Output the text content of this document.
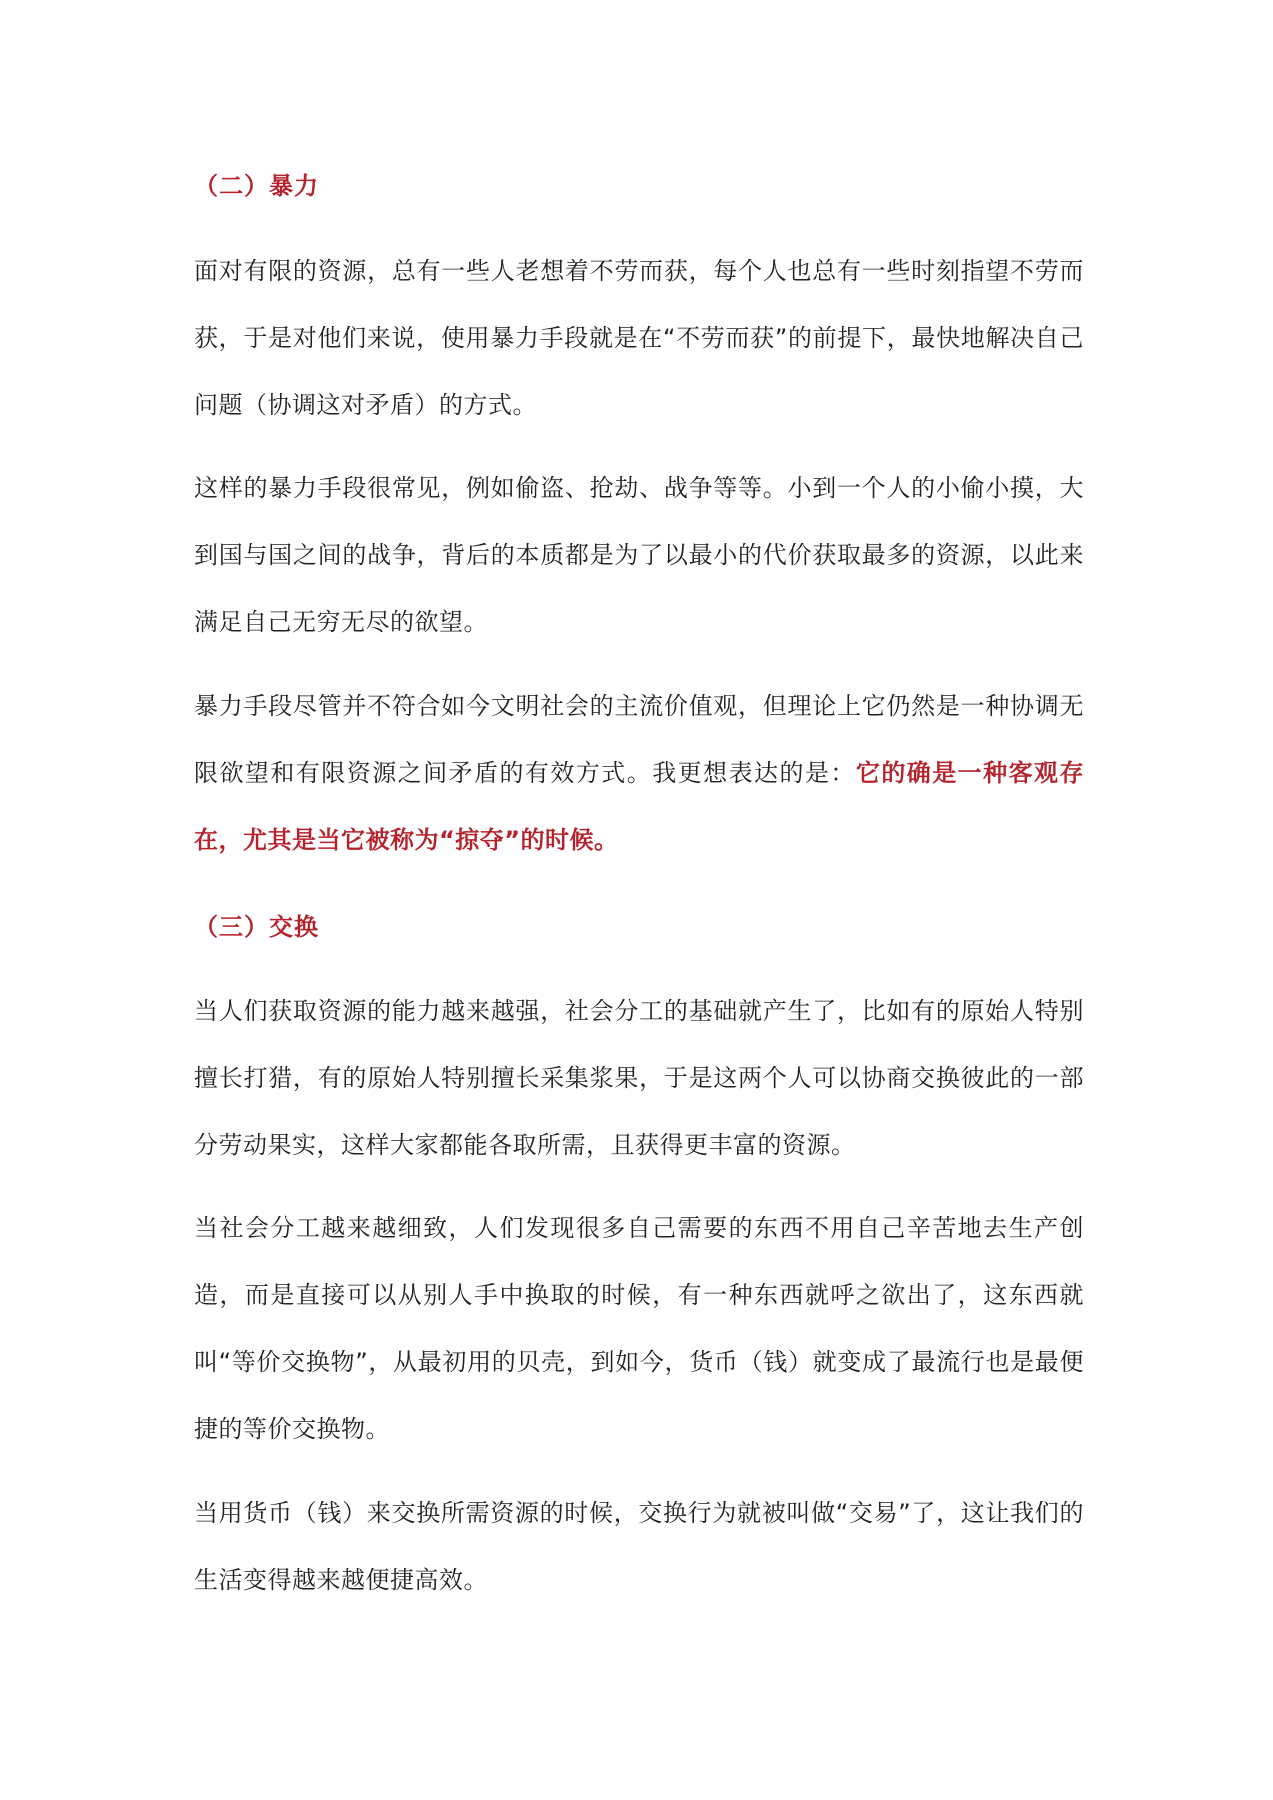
（二）暴力

面对有限的资源，总有一些人老想着不劳而获，每个人也总有一些时刻指望不劳而获，于是对他们来说，使用暴力手段就是在“不劳而获”的前提下，最快地解决自己问题（协调这对矛盾）的方式。

这样的暴力手段很常见，例如偷盗、抢劫、战争等等。小到一个人的小偷小摸，大到国与国之间的战争，背后的本质都是为了以最小的代价获取最多的资源，以此来满足自己无穷无尽的欲望。

暴力手段尽管并不符合如今文明社会的主流价值观，但理论上它仍然是一种协调无限欲望和有限资源之间矛盾的有效方式。我更想表达的是：它的确是一种客观存在，尤其是当它被称为“掠夺”的时候。

（三）交换

当人们获取资源的能力越来越强，社会分工的基础就产生了，比如有的原始人特别擅长打猎，有的原始人特别擅长采集浆果，于是这两个人可以协商交换彼此的一部分劳动果实，这样大家都能各取所需，且获得更丰富的资源。

当社会分工越来越细致，人们发现很多自己需要的东西不用自己辛苦地去生产创造，而是直接可以从别人手中换取的时候，有一种东西就呼之欲出了，这东西就叫“等价交换物”，从最初用的贝壳，到如今，货币（钱）就变成了最流行也是最便捷的等价交换物。

当用货币（钱）来交换所需资源的时候，交换行为就被叫做“交易”了，这让我们的生活变得越来越便捷高效。
